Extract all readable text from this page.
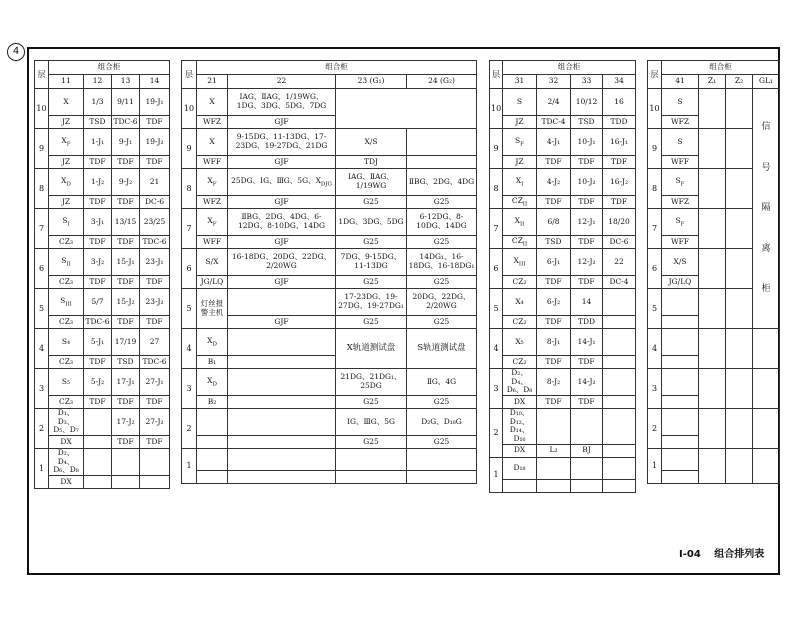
4
层	组合柜			
	11	12	13	14
10	X	1/3	9/11	19-J₁
	JZ	TSD	TDC-6	TDF
9	$X_F$	1-J₁	9-J₁	19-J₂
	JZ	TDF	TDF	TDF
8	$X_D$	1-J₂	9-J₂	21
	JZ	TDF	TDF	DC-6
7	$S_I$	3-J₁	13/15	23/25
	CZ₃	TDF	TDF	TDC-6
6	$S_{II}$	3-J₂	15-J₁	23-J₁
	CZ₃	TDF	TDF	TDF
5	$S_{III}$	5/7	15-J₂	23-J₂
	CZ₃	TDC-6	TDF	TDF
4	S₄	5-J₁	17/19	27
	CZ₃	TDF	TSD	TDC-6
3	S₅	5-J₂	17-J₁	27-J₁
	CZ₃	TDF	TDF	TDF
2	D₁、D₃、D₅、D₇		17-J₂	27-J₂
	DX		TDF	TDF
1	D₂、D₄、D₆、D₈			
	DX			
层	组合柜			
	21	22	23 (G₁)	24 (G₂)
10	X	ⅠAG、ⅡAG、1/19WG、1DG、3DG、5DG、7DG		
	WFZ	GJF		
9	X	9-15DG、11-13DG、17-23DG、19-27DG、21DG	X/S	
	WFF	GJF	TDJ	
8	$X_F$	25DG、ⅠG、ⅢG、5G、$X_{DJG}$	ⅠAG、ⅡAG、1/19WG	ⅡBG、2DG、4DG
	WFZ	GJF	G25	G25
7	$X_F$	ⅡBG、2DG、4DG、6-12DG、8-10DG、14DG	1DG、3DG、5DG	6-12DG、8-10DG、14DG
	WFF	GJF	G25	G25
6	S/X	16-18DG、20DG、22DG、2/20WG	7DG、9-15DG、11-13DG	14DG₁、16-18DG、16-18DG₁
	JG/LQ	GJF	G25	G25
5	灯丝报警主机		17-23DG、19-27DG、19-27DG₁	20DG、22DG、2/20WG
		GJF	G25	G25
4	$X_D$		X轨道测试盘	S轨道测试盘
	B₁			
3	$X_D$		21DG、21DG₁、25DG	ⅡG、4G
	B₂		G25	G25
2			ⅠG、ⅢG、5G	D₂G、D₁₈G
			G25	G25
1				

层	组合柜			
	31	32	33	34
10	S	2/4	10/12	16
	JZ	TDC-4	TSD	TDD
9	$S_F$	4-J₁	10-J₁	16-J₁
	JZ	TDF	TDF	TDF
8	$X_I$	4-J₂	10-J₂	16-J₂
	$CZ_{II}$	TDF	TDF	TDF
7	$X_{II}$	6/8	12-J₁	18/20
	$CZ_{II}$	TSD	TDF	DC-6
6	$X_{III}$	6-J₁	12-J₂	22
	CZ₂	TDF	TDF	DC-4
5	X₄	6-J₂	14	
	CZ₂	TDF	TDD	
4	X₅	8-J₁	14-J₁	
	CZ₂	TDF	TDF	
3	D₂、D₄、D₆、D₈	8-J₂	14-J₂	
	DX	TDF	TDF	
2	D₁₀、D₁₂、D₁₄、D₁₆			
	DX	L₂	BJ	
1	D₁₈			

层	组合柜			
	41	Z₁	Z₂	GL₁
10	S			信

号

隔

离

柜
	WFZ			
9	S			
	WFF			
8	$S_F$		
	WFZ			
7	$S_F$		
	WFF			
6	X/S			
	JG/LQ			
5				

4				

3				

2				

1				

I-04 组合排列表
